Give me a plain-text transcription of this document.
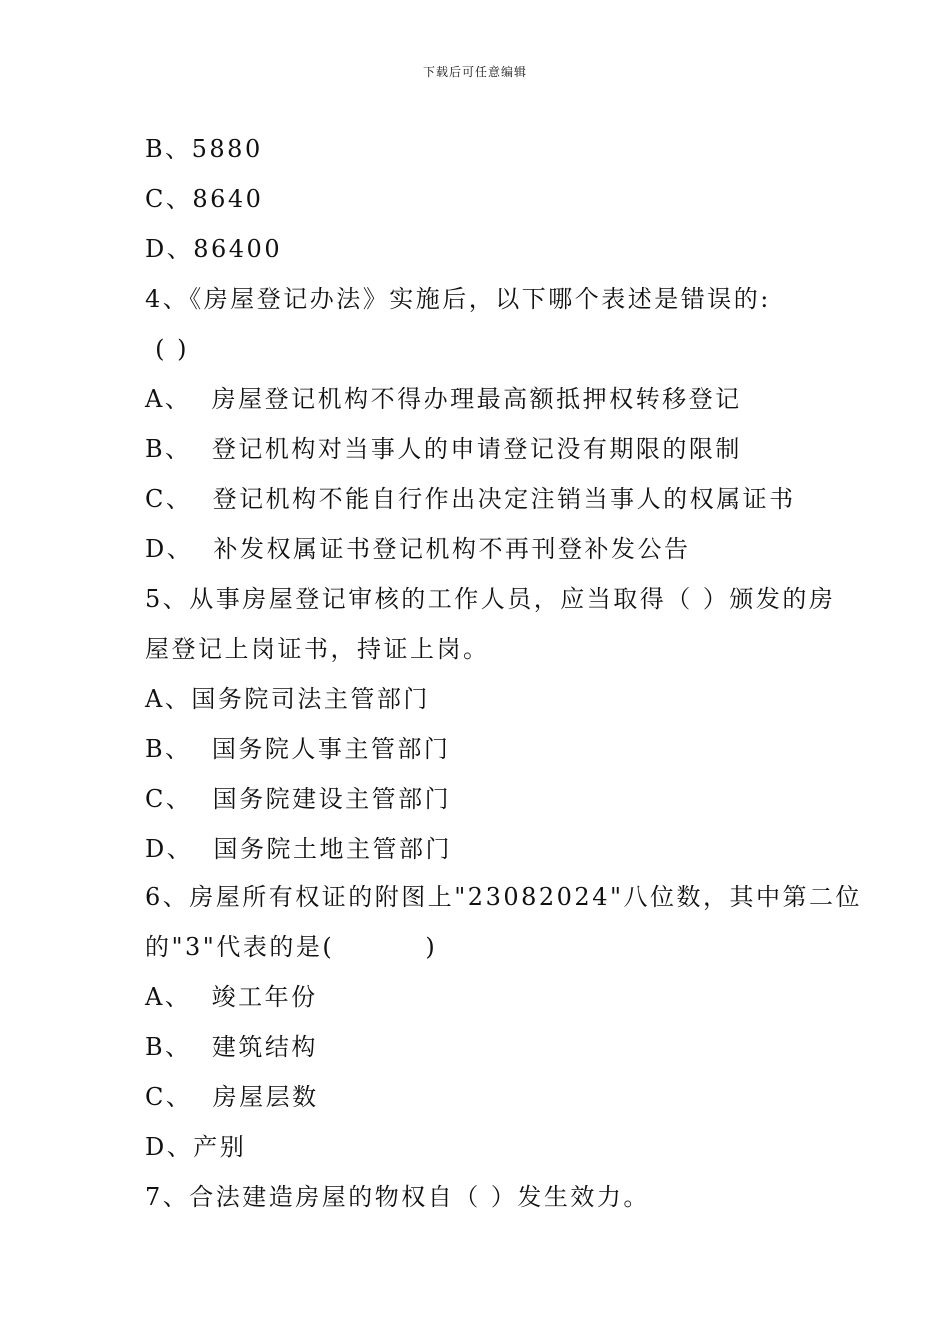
下载后可任意编辑
B、5880
C、8640
D、86400
4、《房屋登记办法》实施后，以下哪个表述是错误的:
( )
A、  房屋登记机构不得办理最高额抵押权转移登记
B、  登记机构对当事人的申请登记没有期限的限制
C、  登记机构不能自行作出决定注销当事人的权属证书
D、  补发权属证书登记机构不再刊登补发公告
5、从事房屋登记审核的工作人员，应当取得（ ）颁发的房
屋登记上岗证书，持证上岗。
A、国务院司法主管部门
B、  国务院人事主管部门
C、  国务院建设主管部门
D、  国务院土地主管部门
6、房屋所有权证的附图上"23082024"八位数，其中第二位
的"3"代表的是(         )
A、  竣工年份
B、  建筑结构
C、  房屋层数
D、产别
7、合法建造房屋的物权自（ ）发生效力。
